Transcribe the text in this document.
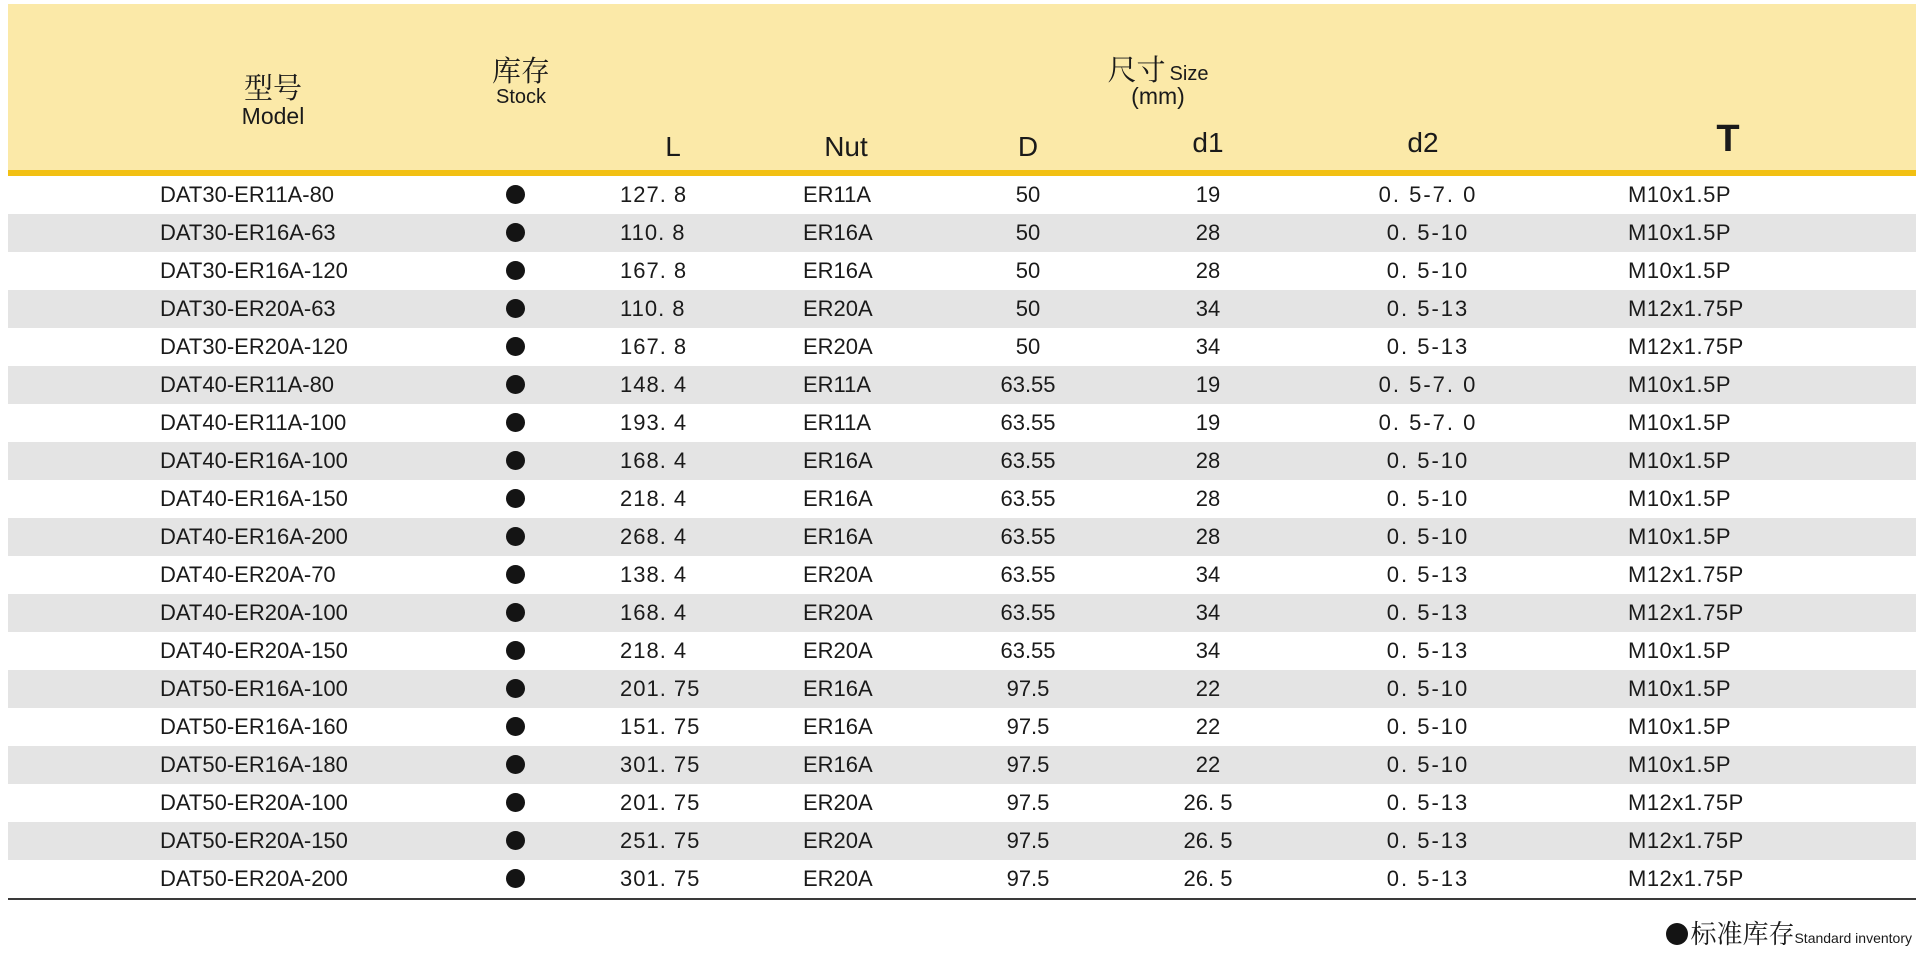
型号
Model
库存
Stock
尺寸 Size
(mm)
L	Nut	D	d1	d2	T
DAT30-ER11A-80	127. 8	ER11A	50	19	0. 5-7. 0	M10x1.5P
DAT30-ER16A-63	110. 8	ER16A	50	28	0. 5-10	M10x1.5P
DAT30-ER16A-120	167. 8	ER16A	50	28	0. 5-10	M10x1.5P
DAT30-ER20A-63	110. 8	ER20A	50	34	0. 5-13	M12x1.75P
DAT30-ER20A-120	167. 8	ER20A	50	34	0. 5-13	M12x1.75P
DAT40-ER11A-80	148. 4	ER11A	63.55	19	0. 5-7. 0	M10x1.5P
DAT40-ER11A-100	193. 4	ER11A	63.55	19	0. 5-7. 0	M10x1.5P
DAT40-ER16A-100	168. 4	ER16A	63.55	28	0. 5-10	M10x1.5P
DAT40-ER16A-150	218. 4	ER16A	63.55	28	0. 5-10	M10x1.5P
DAT40-ER16A-200	268. 4	ER16A	63.55	28	0. 5-10	M10x1.5P
DAT40-ER20A-70	138. 4	ER20A	63.55	34	0. 5-13	M12x1.75P
DAT40-ER20A-100	168. 4	ER20A	63.55	34	0. 5-13	M12x1.75P
DAT40-ER20A-150	218. 4	ER20A	63.55	34	0. 5-13	M10x1.5P
DAT50-ER16A-100	201. 75	ER16A	97.5	22	0. 5-10	M10x1.5P
DAT50-ER16A-160	151. 75	ER16A	97.5	22	0. 5-10	M10x1.5P
DAT50-ER16A-180	301. 75	ER16A	97.5	22	0. 5-10	M10x1.5P
DAT50-ER20A-100	201. 75	ER20A	97.5	26. 5	0. 5-13	M12x1.75P
DAT50-ER20A-150	251. 75	ER20A	97.5	26. 5	0. 5-13	M12x1.75P
DAT50-ER20A-200	301. 75	ER20A	97.5	26. 5	0. 5-13	M12x1.75P
标准库存Standard inventory
